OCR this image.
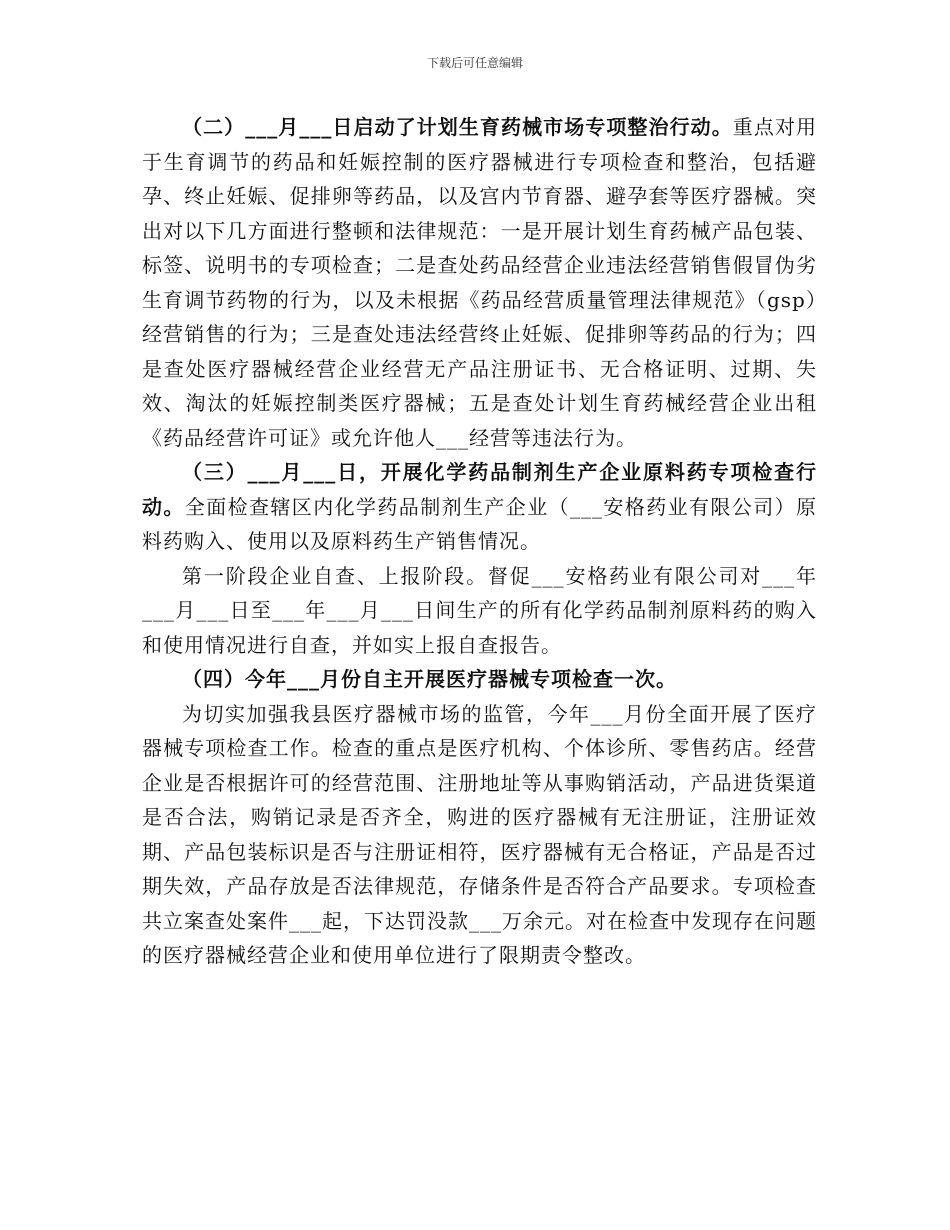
下载后可任意编辑

（二）___月___日启动了计划生育药械市场专项整治行动。重点对用于生育调节的药品和妊娠控制的医疗器械进行专项检查和整治，包括避孕、终止妊娠、促排卵等药品，以及宫内节育器、避孕套等医疗器械。突出对以下几方面进行整顿和法律规范：一是开展计划生育药械产品包装、标签、说明书的专项检查；二是查处药品经营企业违法经营销售假冒伪劣生育调节药物的行为，以及未根据《药品经营质量管理法律规范》（gsp）经营销售的行为；三是查处违法经营终止妊娠、促排卵等药品的行为；四是查处医疗器械经营企业经营无产品注册证书、无合格证明、过期、失效、淘汰的妊娠控制类医疗器械；五是查处计划生育药械经营企业出租《药品经营许可证》或允许他人___经营等违法行为。

（三）___月___日，开展化学药品制剂生产企业原料药专项检查行动。全面检查辖区内化学药品制剂生产企业（___安格药业有限公司）原料药购入、使用以及原料药生产销售情况。

第一阶段企业自查、上报阶段。督促___安格药业有限公司对___年___月___日至___年___月___日间生产的所有化学药品制剂原料药的购入和使用情况进行自查，并如实上报自查报告。

（四）今年___月份自主开展医疗器械专项检查一次。

为切实加强我县医疗器械市场的监管，今年___月份全面开展了医疗器械专项检查工作。检查的重点是医疗机构、个体诊所、零售药店。经营企业是否根据许可的经营范围、注册地址等从事购销活动，产品进货渠道是否合法，购销记录是否齐全，购进的医疗器械有无注册证，注册证效期、产品包装标识是否与注册证相符，医疗器械有无合格证，产品是否过期失效，产品存放是否法律规范，存储条件是否符合产品要求。专项检查共立案查处案件___起，下达罚没款___万余元。对在检查中发现存在问题的医疗器械经营企业和使用单位进行了限期责令整改。
